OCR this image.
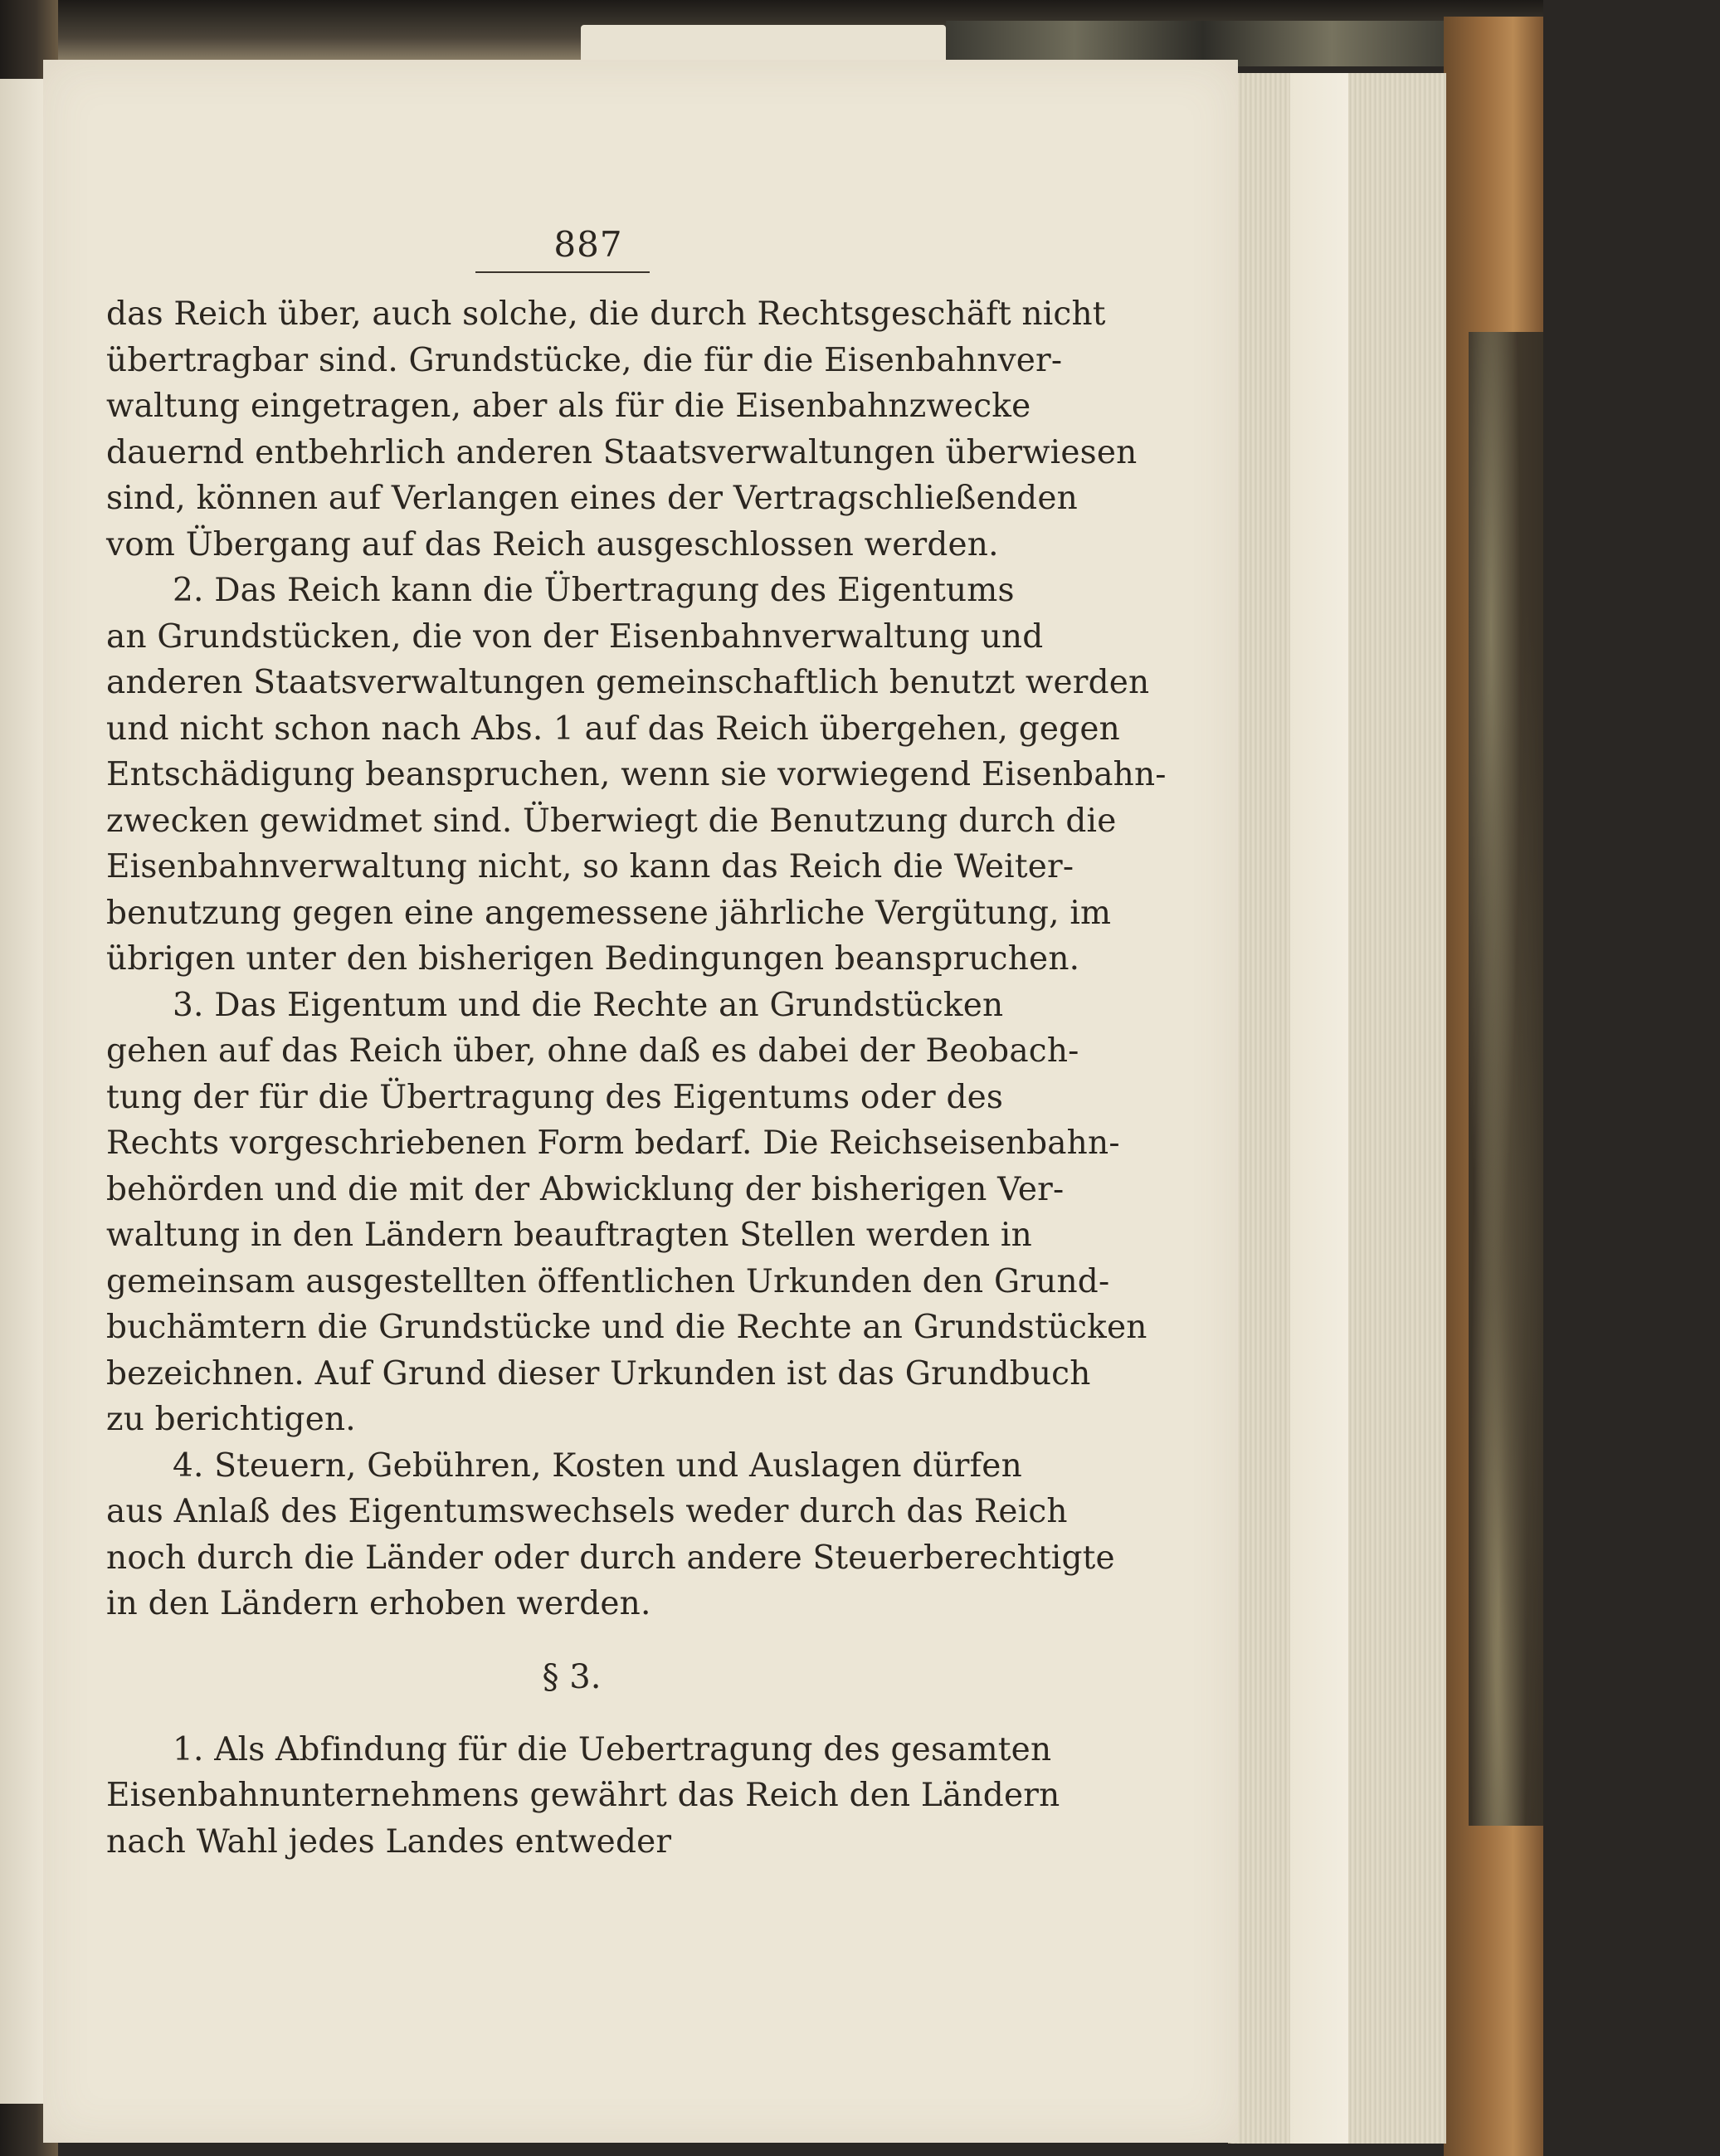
887
das Reich über, auch solche, die durch Rechtsgeschäft nicht
übertragbar sind. Grundstücke, die für die Eisenbahnver-
waltung eingetragen, aber als für die Eisenbahnzwecke
dauernd entbehrlich anderen Staatsverwaltungen überwiesen
sind, können auf Verlangen eines der Vertragschließenden
vom Übergang auf das Reich ausgeschlossen werden.
2. Das Reich kann die Übertragung des Eigentums
an Grundstücken, die von der Eisenbahnverwaltung und
anderen Staatsverwaltungen gemeinschaftlich benutzt werden
und nicht schon nach Abs. 1 auf das Reich übergehen, gegen
Entschädigung beanspruchen, wenn sie vorwiegend Eisenbahn-
zwecken gewidmet sind. Überwiegt die Benutzung durch die
Eisenbahnverwaltung nicht, so kann das Reich die Weiter-
benutzung gegen eine angemessene jährliche Vergütung, im
übrigen unter den bisherigen Bedingungen beanspruchen.
3. Das Eigentum und die Rechte an Grundstücken
gehen auf das Reich über, ohne daß es dabei der Beobach-
tung der für die Übertragung des Eigentums oder des
Rechts vorgeschriebenen Form bedarf. Die Reichseisenbahn-
behörden und die mit der Abwicklung der bisherigen Ver-
waltung in den Ländern beauftragten Stellen werden in
gemeinsam ausgestellten öffentlichen Urkunden den Grund-
buchämtern die Grundstücke und die Rechte an Grundstücken
bezeichnen. Auf Grund dieser Urkunden ist das Grundbuch
zu berichtigen.
4. Steuern, Gebühren, Kosten und Auslagen dürfen
aus Anlaß des Eigentumswechsels weder durch das Reich
noch durch die Länder oder durch andere Steuerberechtigte
in den Ländern erhoben werden.
§ 3.
1. Als Abfindung für die Uebertragung des gesamten
Eisenbahnunternehmens gewährt das Reich den Ländern
nach Wahl jedes Landes entweder
